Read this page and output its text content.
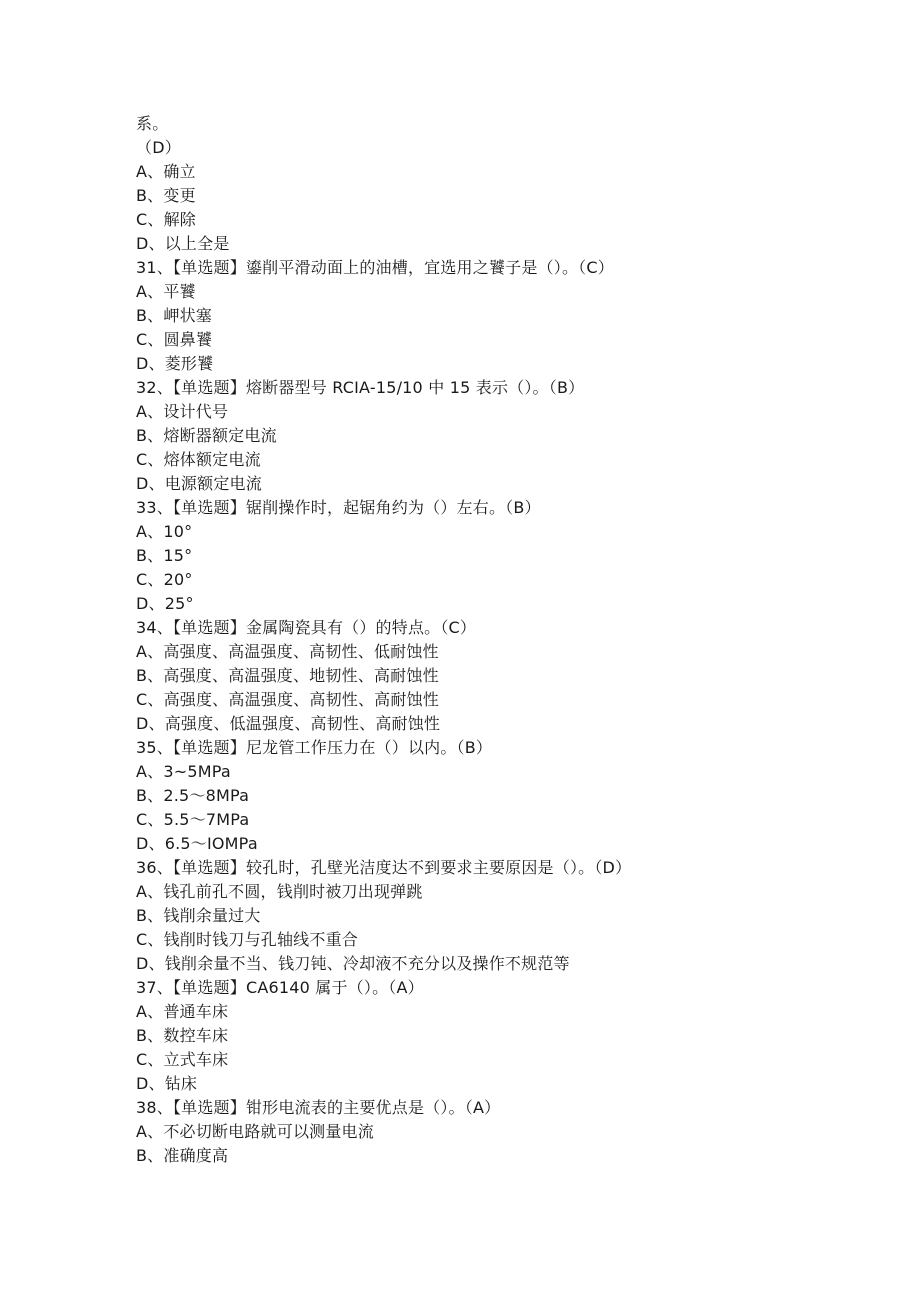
系。
（D）
A、确立
B、变更
C、解除
D、以上全是
31、【单选题】鎏削平滑动面上的油槽，宜选用之饕子是（）。（C）
A、平饕
B、岬状塞
C、圆鼻饕
D、菱形饕
32、【单选题】熔断器型号 RCIA-15/10 中 15 表示（）。（B）
A、设计代号
B、熔断器额定电流
C、熔体额定电流
D、电源额定电流
33、【单选题】锯削操作时，起锯角约为（）左右。（B）
A、10°
B、15°
C、20°
D、25°
34、【单选题】金属陶瓷具有（）的特点。（C）
A、高强度、高温强度、高韧性、低耐蚀性
B、高强度、高温强度、地韧性、高耐蚀性
C、高强度、高温强度、高韧性、高耐蚀性
D、高强度、低温强度、高韧性、高耐蚀性
35、【单选题】尼龙管工作压力在（）以内。（B）
A、3~5MPa
B、2.5～8MPa
C、5.5～7MPa
D、6.5～IOMPa
36、【单选题】较孔时，孔壁光洁度达不到要求主要原因是（）。（D）
A、钱孔前孔不圆，钱削时被刀出现弹跳
B、钱削余量过大
C、钱削时钱刀与孔轴线不重合
D、钱削余量不当、钱刀钝、冷却液不充分以及操作不规范等
37、【单选题】CA6140 属于（）。（A）
A、普通车床
B、数控车床
C、立式车床
D、钻床
38、【单选题】钳形电流表的主要优点是（）。（A）
A、不必切断电路就可以测量电流
B、准确度高
